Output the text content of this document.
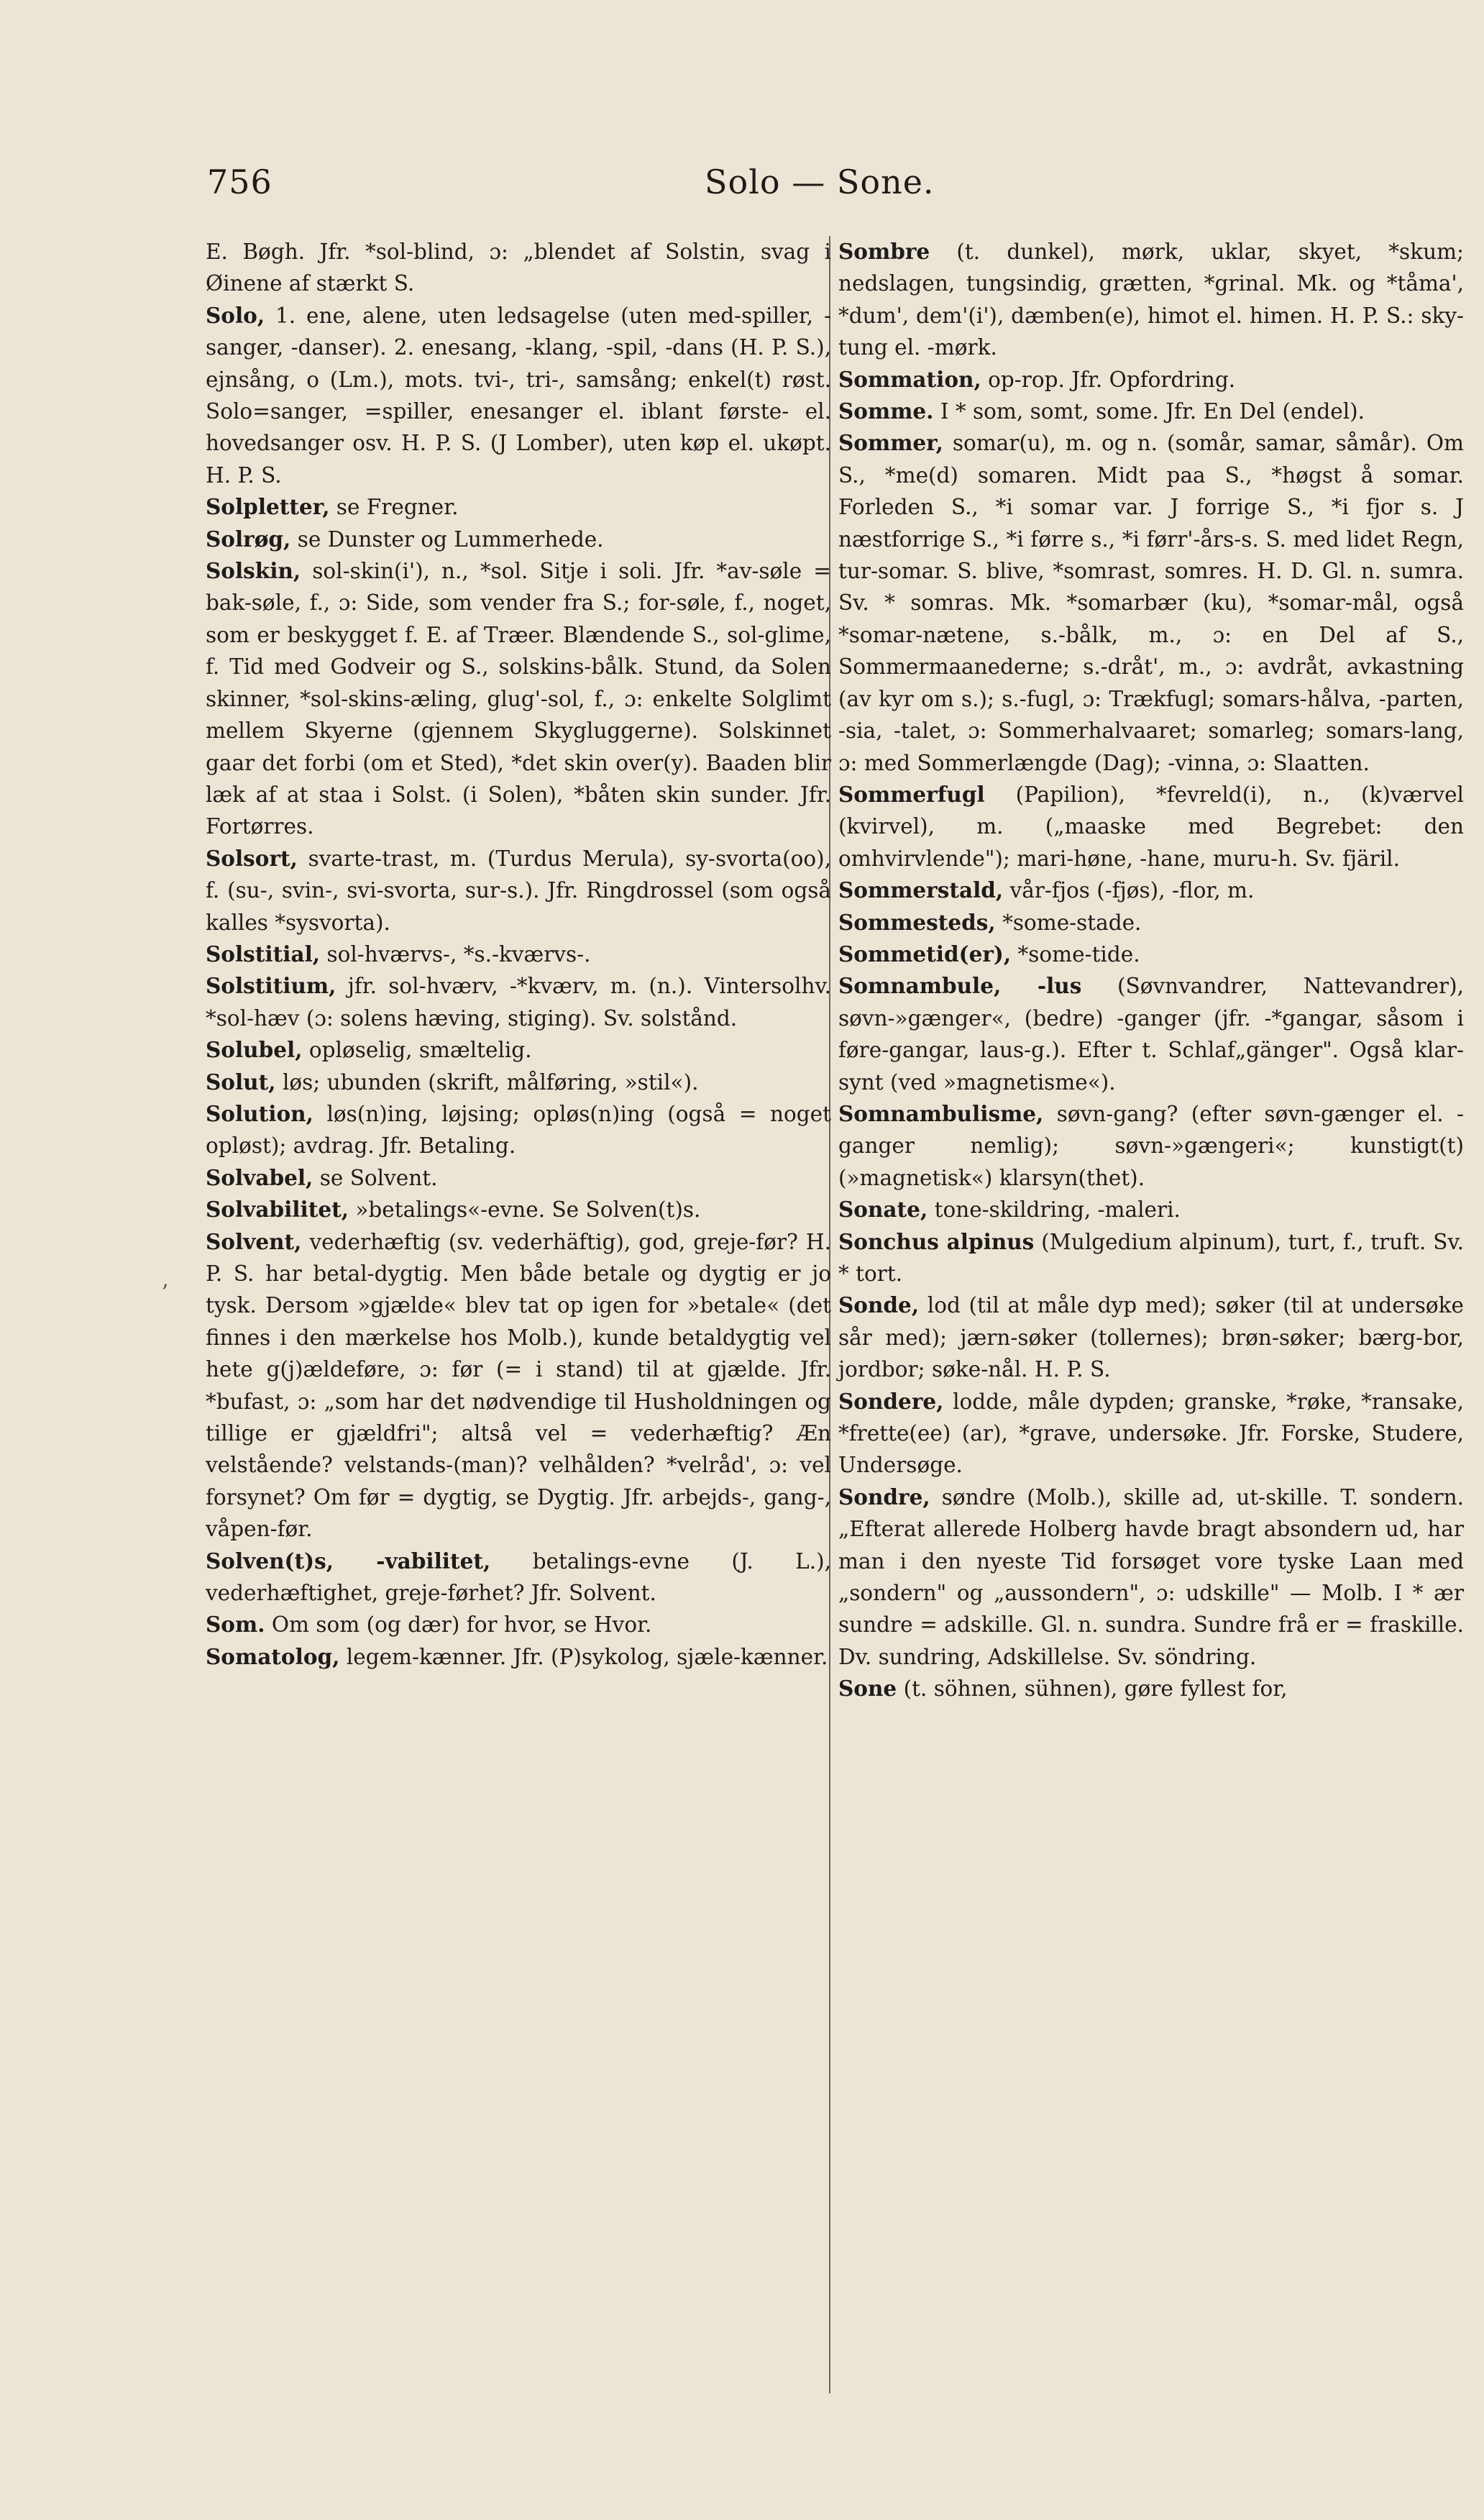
756	Solo — Sone.
‚

E. Bøgh. Jfr. *sol-blind, ɔ: „blendet af Solstin, svag i Øinene af stærkt S.

Solo, 1. ene, alene, uten ledsagelse (uten med-spiller, -sanger, -danser). 2. enesang, -klang, -spil, -dans (H. P. S.), ejnsång, o (Lm.), mots. tvi-, tri-, samsång; enkel(t) røst. Solo=sanger, =spiller, enesanger el. iblant første- el. hovedsanger osv. H. P. S. (J Lomber), uten køp el. ukøpt. H. P. S.

Solpletter, se Fregner.

Solrøg, se Dunster og Lummerhede.

Solskin, sol-skin(i'), n., *sol. Sitje i soli. Jfr. *av-søle = bak-søle, f., ɔ: Side, som vender fra S.; for-søle, f., noget, som er beskygget f. E. af Træer. Blændende S., sol-glime, f. Tid med Godveir og S., solskins-bålk. Stund, da Solen skinner, *sol-skins-æling, glug'-sol, f., ɔ: enkelte Solglimt mellem Skyerne (gjennem Skygluggerne). Solskinnet gaar det forbi (om et Sted), *det skin over(y). Baaden blir læk af at staa i Solst. (i Solen), *båten skin sunder. Jfr. Fortørres.

Solsort, svarte-trast, m. (Turdus Merula), sy-svorta(oo), f. (su-, svin-, svi-svorta, sur-s.). Jfr. Ringdrossel (som også kalles *sysvorta).

Solstitial, sol-hværvs-, *s.-kværvs-.

Solstitium, jfr. sol-hværv, -*kværv, m. (n.). Vintersolhv. *sol-hæv (ɔ: solens hæving, stiging). Sv. solstånd.

Solubel, opløselig, smæltelig.

Solut, løs; ubunden (skrift, målføring, »stil«).

Solution, løs(n)ing, løjsing; opløs(n)ing (også = noget opløst); avdrag. Jfr. Betaling.

Solvabel, se Solvent.

Solvabilitet, »betalings«-evne. Se Solven(t)s.

Solvent, vederhæftig (sv. vederhäftig), god, greje-før? H. P. S. har betal-dygtig. Men både betale og dygtig er jo tysk. Dersom »gjælde« blev tat op igen for »betale« (det finnes i den mærkelse hos Molb.), kunde betaldygtig vel hete g(j)ældeføre, ɔ: før (= i stand) til at gjælde. Jfr. *bufast, ɔ: „som har det nødvendige til Husholdningen og tillige er gjældfri"; altså vel = vederhæftig? Æn velstående? velstands-(man)? velhålden? *velråd', ɔ: vel forsynet? Om før = dygtig, se Dygtig. Jfr. arbejds-, gang-, våpen-før.

Solven(t)s, -vabilitet, betalings-evne (J. L.), vederhæftighet, greje-førhet? Jfr. Solvent.

Som. Om som (og dær) for hvor, se Hvor.

Somatolog, legem-kænner. Jfr. (P)sykolog, sjæle-kænner.

Sombre (t. dunkel), mørk, uklar, skyet, *skum; nedslagen, tungsindig, grætten, *grinal. Mk. og *tåma', *dum', dem'(i'), dæmben(e), himot el. himen. H. P. S.: sky-tung el. -mørk.

Sommation, op-rop. Jfr. Opfordring.

Somme. I * som, somt, some. Jfr. En Del (endel).

Sommer, somar(u), m. og n. (somår, samar, såmår). Om S., *me(d) somaren. Midt paa S., *høgst å somar. Forleden S., *i somar var. J forrige S., *i fjor s. J næstforrige S., *i førre s., *i førr'-års-s. S. med lidet Regn, tur-somar. S. blive, *somrast, somres. H. D. Gl. n. sumra. Sv. * somras. Mk. *somarbær (ku), *somar-mål, også *somar-nætene, s.-bålk, m., ɔ: en Del af S., Sommermaanederne; s.-dråt', m., ɔ: avdråt, avkastning (av kyr om s.); s.-fugl, ɔ: Trækfugl; somars-hålva, -parten, -sia, -talet, ɔ: Sommerhalvaaret; somarleg; somars-lang, ɔ: med Sommerlængde (Dag); -vinna, ɔ: Slaatten.

Sommerfugl (Papilion), *fevreld(i), n., (k)værvel (kvirvel), m. („maaske med Begrebet: den omhvirvlende"); mari-høne, -hane, muru-h. Sv. fjäril.

Sommerstald, vår-fjos (-fjøs), -flor, m.

Sommesteds, *some-stade.

Sommetid(er), *some-tide.

Somnambule, -lus (Søvnvandrer, Nattevandrer), søvn-»gænger«, (bedre) -ganger (jfr. -*gangar, såsom i føre-gangar, laus-g.). Efter t. Schlaf„gänger". Også klar-synt (ved »magnetisme«).

Somnambulisme, søvn-gang? (efter søvn-gænger el. -ganger nemlig); søvn-»gængeri«; kunstigt(t) (»magnetisk«) klarsyn(thet).

Sonate, tone-skildring, -maleri.

Sonchus alpinus (Mulgedium alpinum), turt, f., truft. Sv. * tort.

Sonde, lod (til at måle dyp med); søker (til at undersøke sår med); jærn-søker (tollernes); brøn-søker; bærg-bor, jordbor; søke-nål. H. P. S.

Sondere, lodde, måle dypden; granske, *røke, *ransake, *frette(ee) (ar), *grave, undersøke. Jfr. Forske, Studere, Undersøge.

Sondre, søndre (Molb.), skille ad, ut-skille. T. sondern. „Efterat allerede Holberg havde bragt absondern ud, har man i den nyeste Tid forsøget vore tyske Laan med „sondern" og „aussondern", ɔ: udskille" — Molb. I * ær sundre = adskille. Gl. n. sundra. Sundre frå er = fraskille. Dv. sundring, Adskillelse. Sv. söndring.

Sone (t. söhnen, sühnen), gøre fyllest for,
